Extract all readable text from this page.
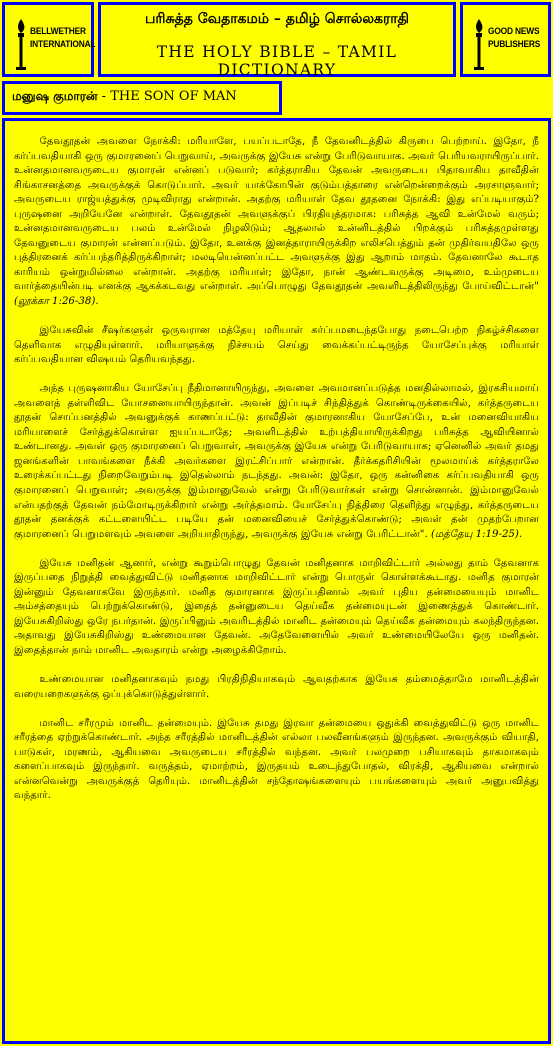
BELLWETHER
INTERNATIONAL
பரிசுத்த வேதாகமம் – தமிழ் சொல்லகராதி
THE HOLY BIBLE – TAMIL DICTIONARY
GOOD NEWS
PUBLISHERS
மனுஷ குமாரன் - THE SON OF MAN

தேவதூதன் அவளை நோக்கி: மரியாளே, பயப்படாதே, நீ தேவனிடத்தில் கிருபை பெற்றாய். இதோ, நீ கர்ப்பவதியாகி ஒரு குமாரனைப் பெறுவாய், அவருக்கு இயேசு என்று பேரிடுவாயாக. அவர் பெரியவராயிருப்பார். உன்னதமானவருடைய குமாரன் என்னப் படுவார்; கர்த்தராகிய தேவன் அவருடைய பிதாவாகிய தாவீதின் சிங்காசனத்தை அவருக்குக் கொடுப்பார். அவர் யாக்கோபின் குடும்பத்தாரை என்றென்றைக்கும் அரசாளுவார்; அவருடைய ராஜ்யத்துக்கு முடிவிராது என்றான். அதற்கு மரியாள் தேவ தூதனை நோக்கி: இது எப்படியாகும்? புருஷனை அறியேனே என்றாள். தேவதூதன் அவளுக்குப் பிரதியுத்தரமாக: பரிசுத்த ஆவி உன்மேல் வரும்; உன்னதமானவருடைய பலம் உன்மேல் நிழலிடும்; ஆதலால் உன்னிடத்தில் பிறக்கும் பரிசுத்தமுள்ளது தேவனுடைய குமாரன் என்னப்படும். இதோ, உனக்கு இனத்தாராயிருக்கிற எலிசபெத்தும் தன் முதிர்வயதிலே ஒரு புத்திரனைக் கர்ப்பந்தரித்திருக்கிறாள்; மலடியென்னப்பட்ட அவளுக்கு இது ஆறாம் மாதம். தேவனாலே கூடாத காரியம் ஒன்றுமில்லை என்றான். அதற்கு மரியாள்; இதோ, நான் ஆண்டவருக்கு அடிமை, உம்முடைய வார்த்தையின்படி எனக்கு ஆகக்கடவது என்றாள். அப்பொழுது தேவதூதன் அவளிடத்திலிருந்து போய்விட்டான்" (லூக்கா 1:26-38).

இயேசுவின் சீஷர்களுள் ஒருவரான மத்தேயு மரியாள் கர்ப்பமடைந்தபோது நடைபெற்ற நிகழ்ச்சிகளை தெளிவாக எழுதியுள்ளார். மரியாளுக்கு நிச்சயம் செய்து வைக்கப்பட்டிருந்த யோசேப்புக்கு மரியாள் கர்ப்பவதியான விஷயம் தெரியவந்தது.

அந்த புருஷனாகிய யோசேப்பு நீதிமானாயிருந்து, அவளை அவமானப்படுத்த மனதில்லாமல், இரகசியமாய் அவளைத் தள்ளிவிட யோசனையாயிருந்தான். அவன் இப்படிச் சிந்தித்துக் கொண்டிருக்கையில், கர்த்தருடைய தூதன் சொப்பனத்தில் அவனுக்குக் காணப்பட்டு: தாவீதின் குமாரனாகிய யோசேப்பே, உன் மனைவியாகிய மரியாளைச் சேர்த்துக்கொள்ள ஐயப்படாதே; அவளிடத்தில் உற்பத்தியாயிருக்கிறது பரிசுத்த ஆவியினால் உண்டானது. அவள் ஒரு குமாரனைப் பெறுவாள், அவருக்கு இயேசு என்று பேரிடுவாயாக; ஏனெனில் அவர் தமது ஜனங்களின் பாவங்களை நீக்கி அவர்களை இரட்சிப்பார் என்றான். தீர்க்கதரிசியின் மூலமாய்க் கர்த்தராலே உரைக்கப்பட்டது நிறைவேறும்படி இதெல்லாம் நடந்தது. அவன்: இதோ, ஒரு கன்னிகை கர்ப்பவதியாகி ஒரு குமாரனைப் பெறுவாள்; அவருக்கு இம்மானுவேல் என்று பேரிடுவார்கள் என்று சொன்னான். இம்மானுவேல் என்பதற்குத் தேவன் நம்மோடிருக்கிறார் என்று அர்த்தமாம். யோசேப்பு நித்திரை தெளிந்து எழுந்து, கர்த்தருடைய தூதன் தனக்குக் கட்டளையிட்ட படியே தன் மனைவியைச் சேர்த்துக்கொண்டு; அவள் தன் முதற்பேறான குமாரனைப் பெறுமளவும் அவளை அறியாதிருந்து, அவருக்கு இயேசு என்று பேரிட்டான்". (மத்தேயு 1:19-25).

இயேசு மனிதன் ஆனார், என்று கூறும்பொழுது தேவன் மனிதனாக மாறிவிட்டார் அல்லது தாம் தேவனாக இருப்பதை நிறுத்தி வைத்துவிட்டு மனிதனாக மாறிவிட்டார் என்று பொருள் கொள்ளக்கூடாது. மனித குமாரன் இன்னும் தேவனாகவே இருந்தார். மனித குமாரனாக இருப்பதினால் அவர் புதிய தன்மையையும் மானிட அம்சத்தையும் பெற்றுக்கொண்டு, இதைத் தன்னுடைய தெய்வீக தன்மையுடன் இணைத்துக் கொண்டார். இயேசுகிறிஸ்து ஒரே நபர்தான். இருப்பினும் அவரிடத்தில் மானிட தன்மையும் தெய்வீக தன்மையும் கலந்திருந்தன. அதாவது இயேசுகிறிஸ்து உண்மையான தேவன். அதேவேளையில் அவர் உண்மையிலேயே ஒரு மனிதன். இதைத்தான் நாம் மானிட அவதாரம் என்று அழைக்கிறோம்.

உண்மையான மனிதனாகவும் நமது பிரதிநிதியாகவும் ஆவதற்காக இயேசு தம்மைத்தாமே மானிடத்தின் வரையறைகளுக்கு ஒப்புக்கொடுத்துள்ளார்.

மானிட சரீரமும் மானிட தன்மையும். இயேசு தமது இரவா தன்மையை ஒதுக்கி வைத்துவிட்டு ஒரு மானிட சரீரத்தை ஏற்றுக்கொண்டார். அந்த சரீரத்தில் மானிடத்தின் எல்லா பலவீனங்களும் இருந்தன. அவருக்கும் வியாதி, பாடுகள், மரணம், ஆகியவை அவருடைய சரீரத்தில் வந்தன. அவர் பலமுறை பசியாகவும் தாகமாகவும் களைப்பாகவும் இருந்தார். வருத்தம், ஏமாற்றம், இருதயம் உடைந்துபோதல், விரக்தி, ஆகியவை என்றால் என்னவென்று அவருக்குத் தெரியும். மானிடத்தின் சந்தோஷங்களையும் பயங்களையும் அவர் அனுபவித்து வந்தார்.
